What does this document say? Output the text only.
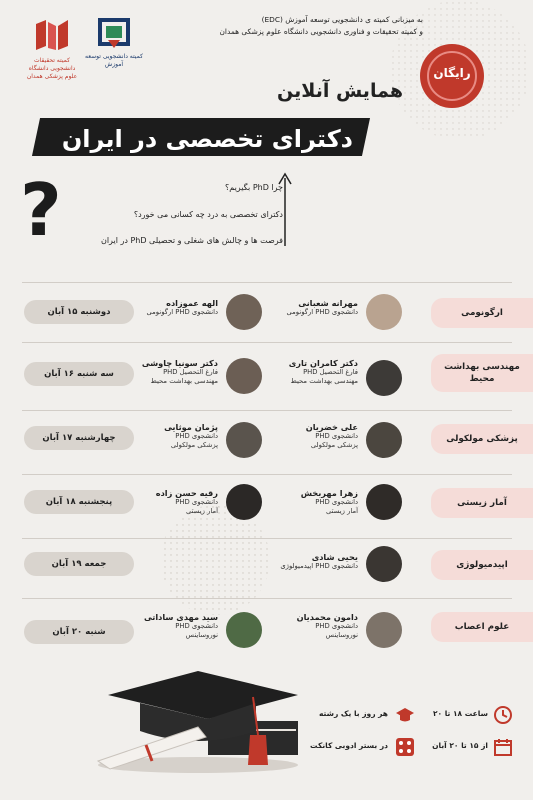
کمیته تحقیقات دانشجویی دانشگاه علوم پزشکی همدان
کمیته دانشجویی توسعه آموزش
به میزبانی کمیته ی دانشجویی توسعه آموزش (EDC)
و کمیته تحقیقات و فناوری دانشجویی دانشگاه علوم پزشکی همدان
رایگان
همایش آنلاین
دکترای تخصصی در ایران
?	چرا PhD بگیریم؟
دکترای تخصصی به درد چه کسانی می خورد؟
فرصت ها و چالش های شغلی و تحصیلی PhD در ایران
ارگونومی
مهرانه شعبانی
دانشجوی PHD ارگونومی
الهه عموزاده
دانشجوی PHD ارگونومی
دوشنبه ۱۵ آبان
مهندسی بهداشت محیط
دکتر کامران تاری
فارغ التحصیل PHD
مهندسی بهداشت محیط
دکتر سونیا چاوشی
فارغ التحصیل PHD
مهندسی بهداشت محیط
سه شنبه ۱۶ آبان
پزشکی مولکولی
علی خضریان
دانشجوی PHD
پزشکی مولکولی
پژمان موثایی
دانشجوی PHD
پزشکی مولکولی
چهارشنبه ۱۷ آبان
آمار زیستی
زهرا مهربخش
دانشجوی PHD
آمار زیستی
رقیه حسن زاده
دانشجوی PHD
آمار زیستی
پنجشنبه ۱۸ آبان
اپیدمیولوژی
یحیی شادی
دانشجوی PHD اپیدمیولوژی
جمعه ۱۹ آبان
علوم اعصاب
دامون محمدیان
دانشجوی PHD
نوروساینس
سید مهدی ساداتی
دانشجوی PHD
نوروساینس
شنبه ۲۰ آبان
ساعت ۱۸ تا ۲۰
هر روز با یک رشته
از ۱۵ تا ۲۰ آبان
در بستر ادوبی کانکت
